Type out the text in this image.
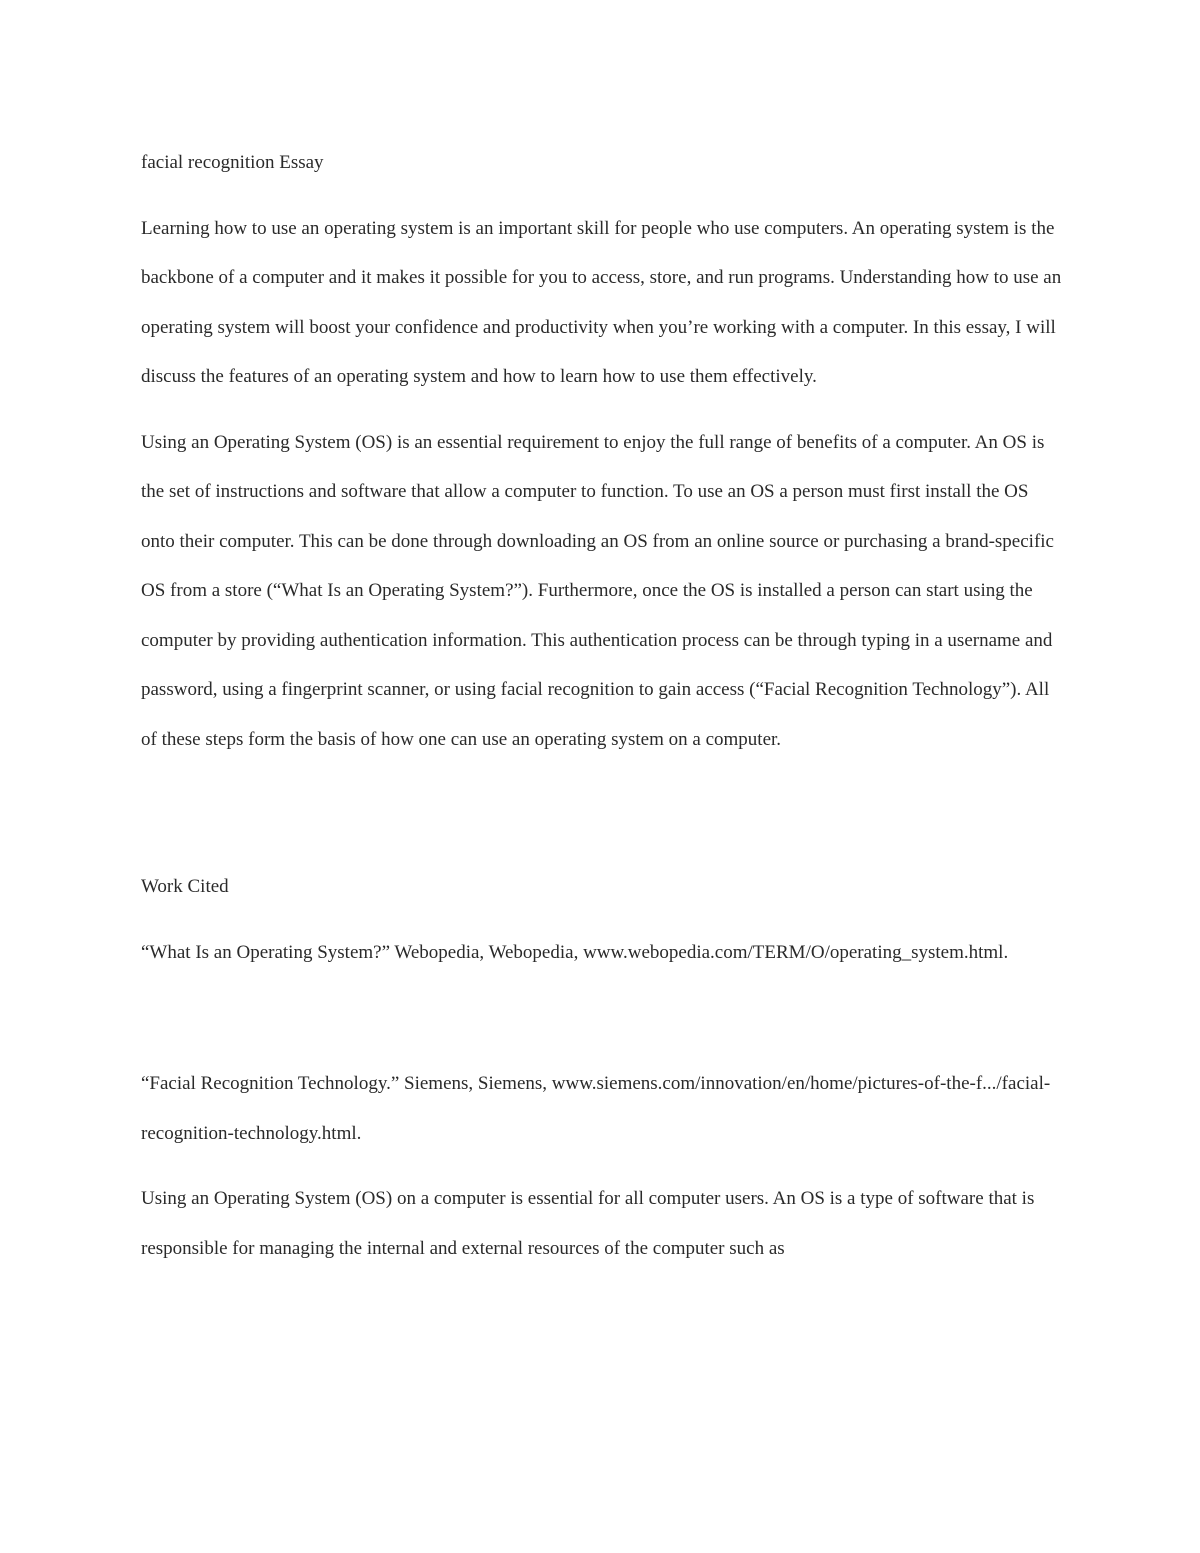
facial recognition Essay

Learning how to use an operating system is an important skill for people who use computers. An operating system is the backbone of a computer and it makes it possible for you to access, store, and run programs. Understanding how to use an operating system will boost your confidence and productivity when you’re working with a computer. In this essay, I will discuss the features of an operating system and how to learn how to use them effectively.

Using an Operating System (OS) is an essential requirement to enjoy the full range of benefits of a computer. An OS is the set of instructions and software that allow a computer to function. To use an OS a person must first install the OS onto their computer. This can be done through downloading an OS from an online source or purchasing a brand-specific OS from a store (“What Is an Operating System?”). Furthermore, once the OS is installed a person can start using the computer by providing authentication information. This authentication process can be through typing in a username and password, using a fingerprint scanner, or using facial recognition to gain access (“Facial Recognition Technology”). All of these steps form the basis of how one can use an operating system on a computer.

Work Cited

“What Is an Operating System?” Webopedia, Webopedia, www.webopedia.com/TERM/O/operating_system.html.

“Facial Recognition Technology.” Siemens, Siemens, www.siemens.com/innovation/en/home/pictures-of-the-f.../facial-recognition-technology.html.

Using an Operating System (OS) on a computer is essential for all computer users. An OS is a type of software that is responsible for managing the internal and external resources of the computer such as
